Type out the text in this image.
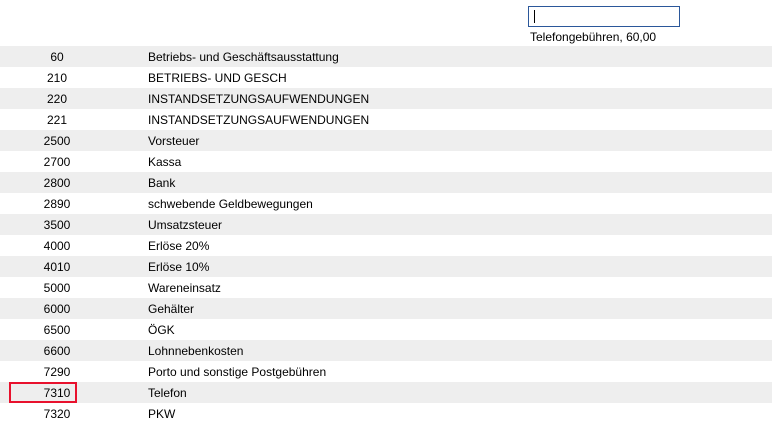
Telefongebühren, 60,00
60	Betriebs- und Geschäftsausstattung
210	BETRIEBS- UND GESCH
220	INSTANDSETZUNGSAUFWENDUNGEN
221	INSTANDSETZUNGSAUFWENDUNGEN
2500	Vorsteuer
2700	Kassa
2800	Bank
2890	schwebende Geldbewegungen
3500	Umsatzsteuer
4000	Erlöse 20%
4010	Erlöse 10%
5000	Wareneinsatz
6000	Gehälter
6500	ÖGK
6600	Lohnnebenkosten
7290	Porto und sonstige Postgebühren
7310	Telefon
7320	PKW
